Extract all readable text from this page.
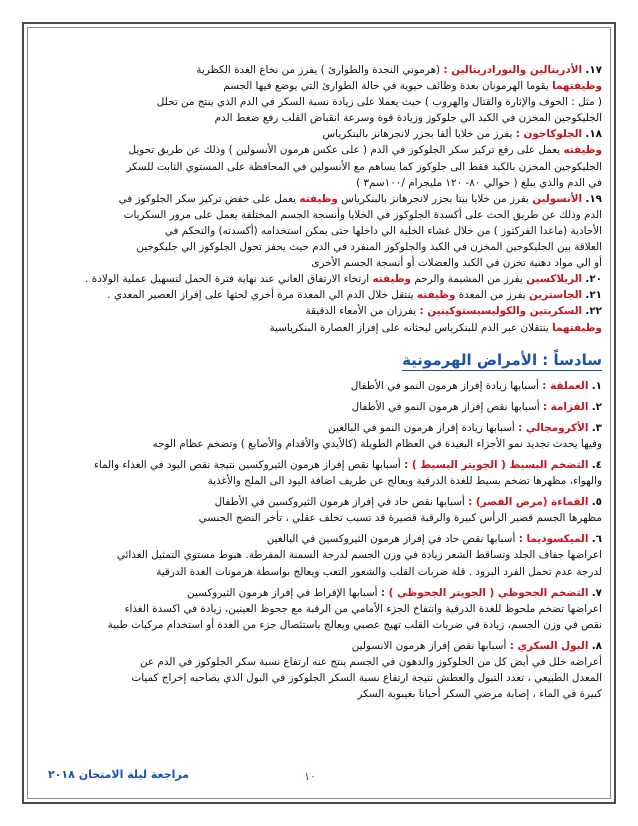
١٧. الأدرينالين والنورادرينالين : (هرموني النجدة والطوارئ ) يفرز من نخاع الغدة الكظرية
وظيفتهما يقوما الهرمونان بعدة وظائف حيوية في حالة الطوارئ التي يوضع فيها الجسم
( مثل : الخوف والإثارة والقتال والهروب ) حيث يعملا على زيادة نسبة السكر في الدم الذي ينتج من تحلل
الجليكوجين المخزن في الكبد الي جلوكوز وزيادة قوة وسرعة انقباض القلب رفع ضغط الدم
١٨. الجلوكاجون : يفرز من خلايا ألفا بجزر لانجرهانز بالبنكرياس
وظيفته يعمل على رفع تركيز سكر الجلوكوز في الدم ( على عكس هرمون الأنسولين ) وذلك عن طريق تحويل
الجليكوجين المخزن بالكبد فقط الى جلوكوز كما يساهم مع الأنسولين في المحافظة على المستوي الثابت للسكر
في الدم والذي يبلغ ( حوالي ٨٠- ١٢٠ مليجرام /١٠٠سم٣ )
١٩. الأنسولين يفرز من خلايا بيتا بجزر لانجرهانز بالبنكرياس وظيفته يعمل على خفض تركيز سكر الجلوكوز في
الدم وذلك عن طريق الحث على أكسدة الجلوكوز في الخلايا وأنسجة الجسم المختلفة يعمل على مرور السكريات
الأحادية (ماعدا الفركتوز ) من خلال غشاء الخلية الي داخلها حتى يمكن استخدامه (أكسدته) والتحكم في
العلاقة بين الجليكوجين المخزن في الكبد والجلوكوز المنفرد في الدم حيث يحفز تحول الجلوكوز الي جليكوجين
أو الي مواد دهنية تخزن في الكبد والعضلات أو أنسجة الجسم الأخرى
٢٠. الريلاكسين يفرز من المشيمة والرحم وظيفته ارتخاء الارتفاق العاني عند نهاية فترة الحمل لتسهيل عملية الولادة .
٢١. الجاسترين يفرز من المعدة وظيفته ينتقل خلال الدم الي المعدة مرة أخري لحثها على إفراز العصير المعدي .
٢٢. السكريتين والكوليسيستوكينين : يفرزان من الأمعاء الدقيقة
وظيفتهما ينتقلان عبر الدم للبنكرياس ليحثانه على إفراز العصارة البنكرياسية
سادساً : الأمراض الهرمونية
١. العملقة : أسبابها زيادة إفراز هرمون النمو في الأطفال
٢. القزامة : أسبابها نقص إفراز هرمون النمو في الأطفال
٣. الأكرومجالي : أسبابها زيادة إفراز هرمون النمو في البالغين
وفيها يحدث تجديد نمو الأجزاء البعيدة في العظام الطويلة (كالأيدي والأقدام والأصابع ) وتضخم عظام الوجه
٤. التضخم البسيط ( الجويتر البسيط ) : أسبابها نقص إفراز هرمون الثيروكسين نتيجة نقص اليود في الغذاء والماء
والهواء، مظهرها تضخم بسيط للغدة الدرقية ويعالج عن طريف اضافة اليود الى الملح والأغذية
٥. القماءة (مرض القصر) : أسبابها نقص حاد في إفراز هرمون الثيروكسين في الأطفال
مظهرها الجسم قصير الرأس كبيرة والرقبة قصيرة قد تسبب تخلف عقلي ، تأخر النضج الجنسي
٦. الميكسوديما : أسبابها نقص حاد في إفراز هرمون الثيروكسين في البالغين
اعراضها جفاف الجلد وتساقط الشعر زيادة في وزن الجسم لدرجة السمنة المفرطة. هبوط مستوي التمثيل الغذائي
لدرجة عدم تحمل الفرد البرود . قلة ضربات القلب والشعور التعب ويعالج بواسطة هرمونات الغدة الدرقية
٧. التضخم الجحوظي ( الجويتر الجحوظي ) : أسبابها الإفراط في إفراز هرمون الثيروكسين
اعراضها تضخم ملحوظ للغدة الدرقية وانتفاخ الجزء الأمامي من الرقبة مع جحوظ العينين، زيادة في اكسدة الغذاء
نقص في وزن الجسم، زيادة في ضربات القلب تهيج عصبي ويعالج باستئصال جزء من الغدة أو استخدام مركبات طبية
٨. البول السكري : أسبابها نقص إفراز هرمون الانسولين
أعراضه خلل في أيض كل من الجلوكوز والدهون في الجسم ينتج عنه ارتفاع نسبة سكر الجلوكوز في الدم عن
المعدل الطبيعي ، تعدد التبول والعطش نتيجة ارتفاع نسبة السكر الجلوكوز في البول الذي يصاحبه إخراج كميات
كبيرة في الماء ، إصابة مرضي السكر أحيانا بغيبوبة السكر
١٠
مراجعة ليلة الامتحان ٢٠١٨
